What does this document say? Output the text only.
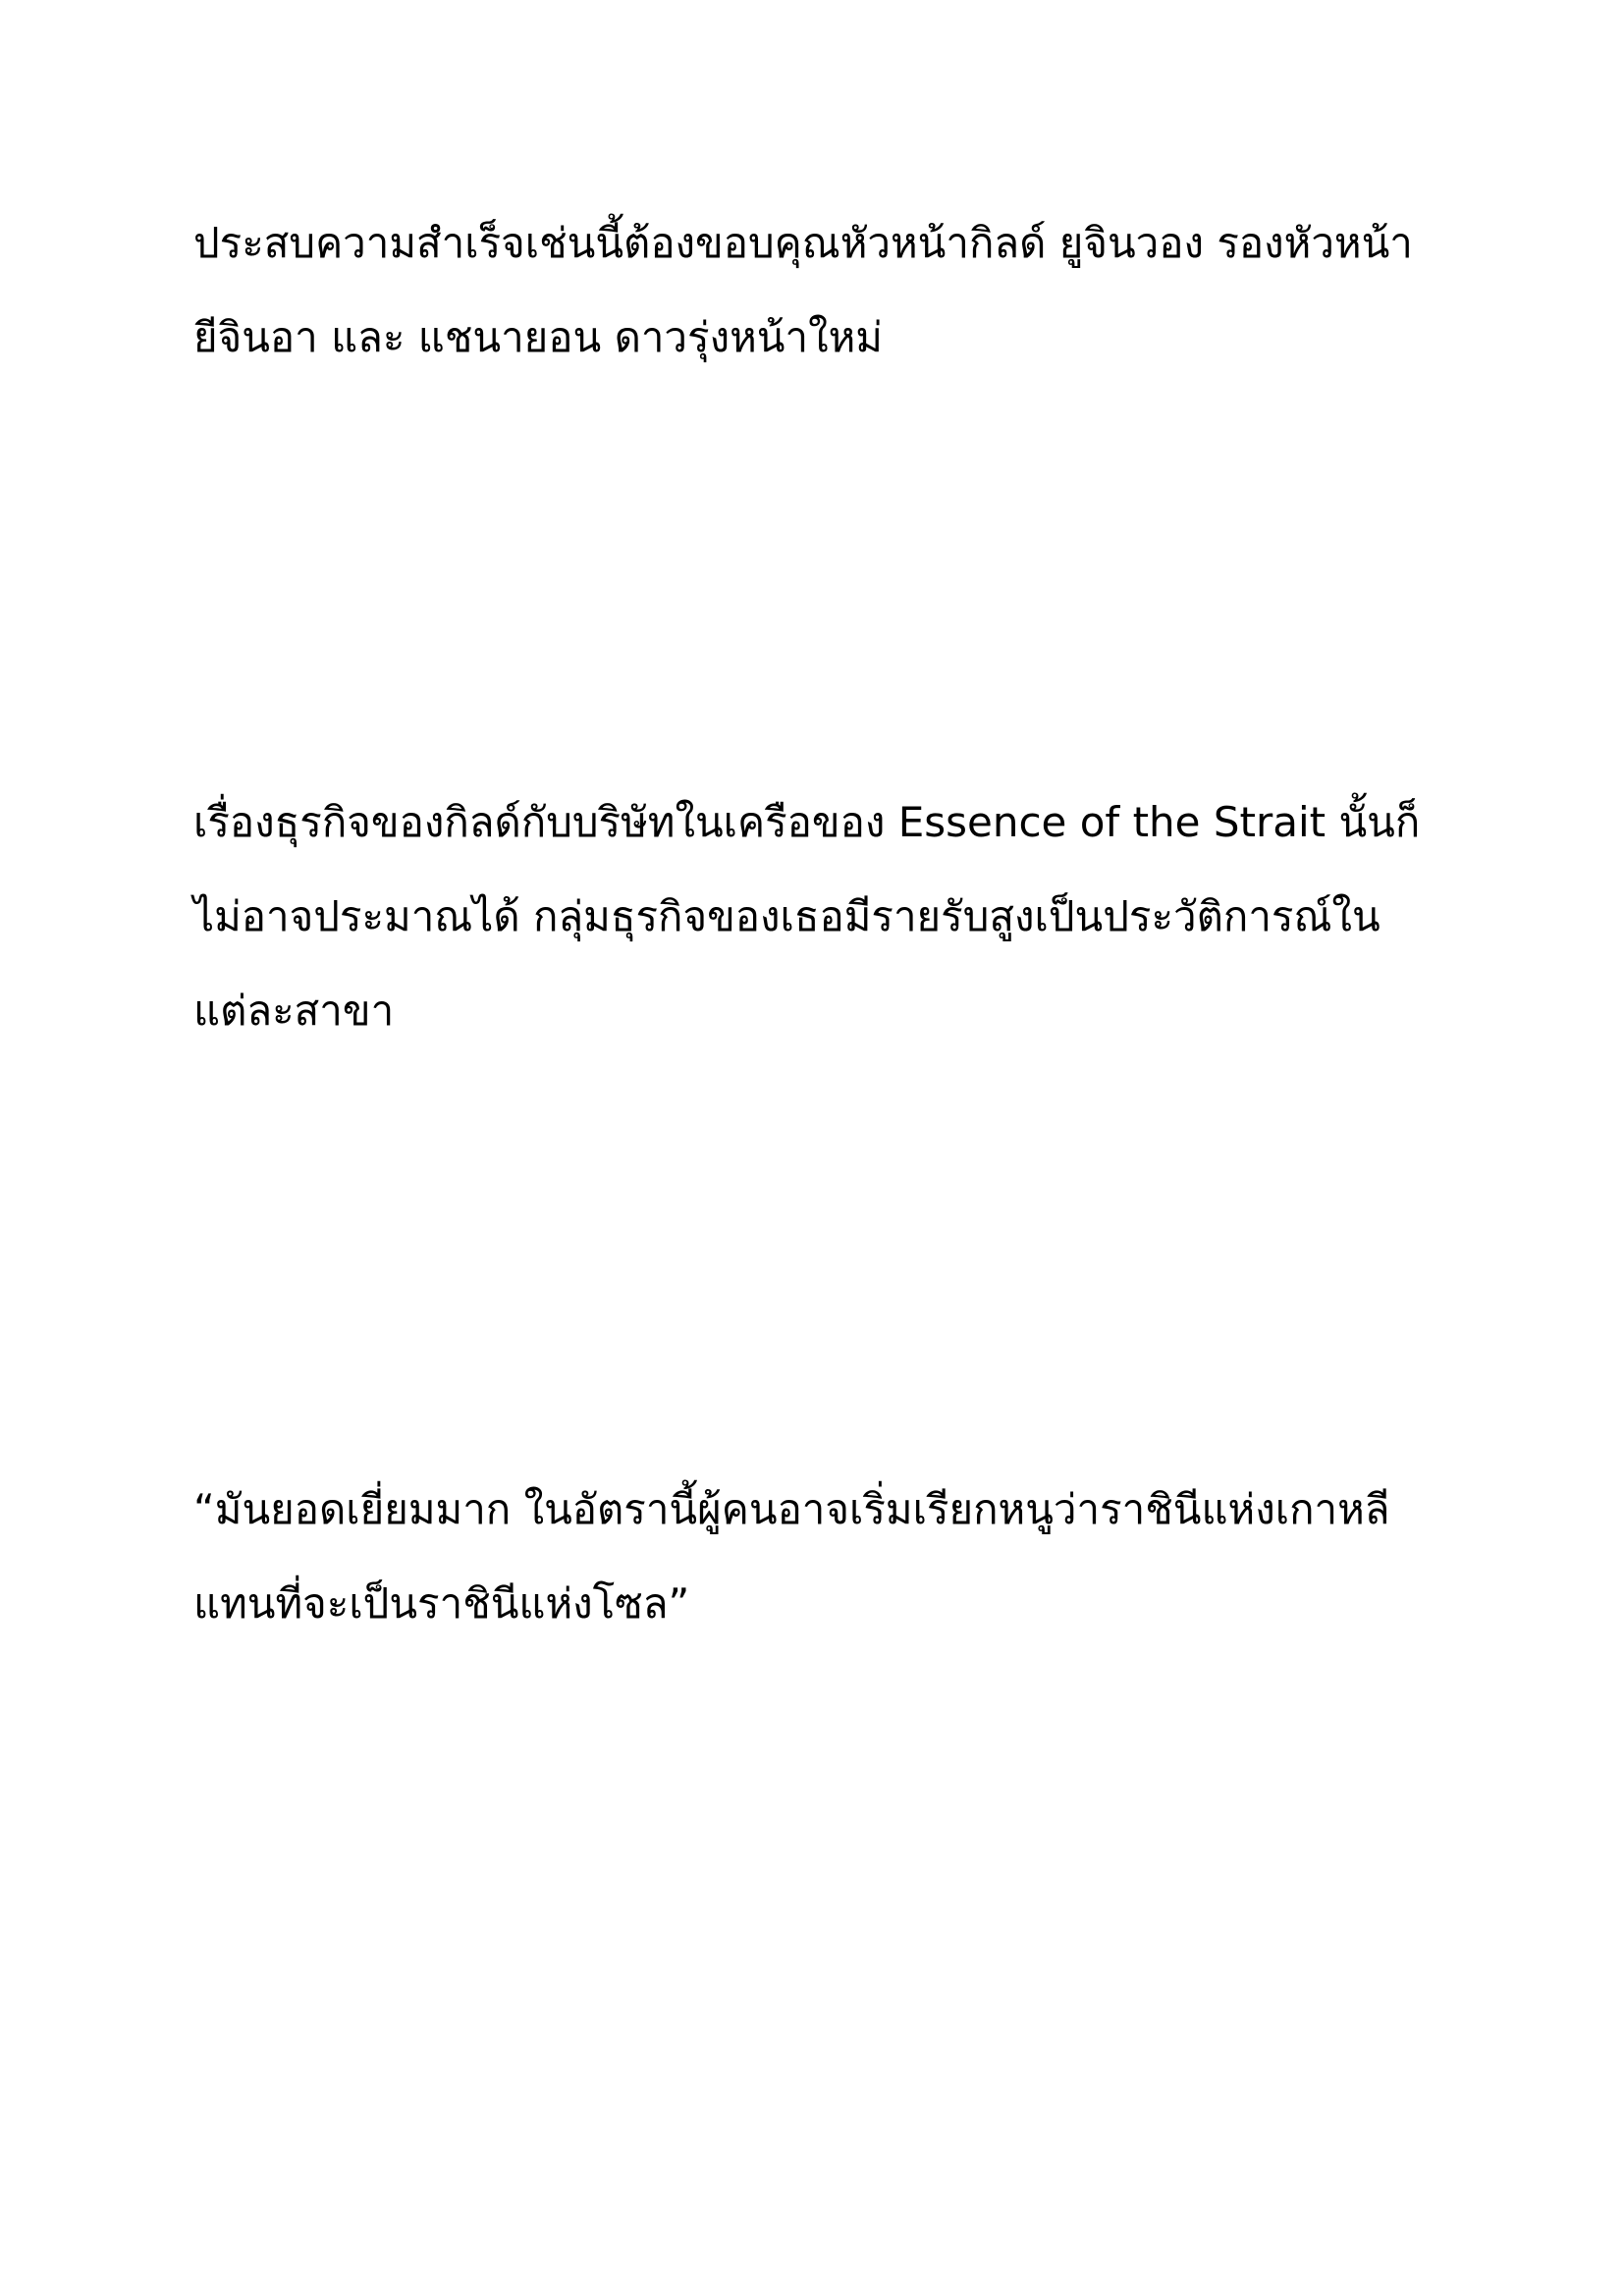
ประสบความสำเร็จเช่นนี้ต้องขอบคุณหัวหน้ากิลด์ ยูจินวอง รองหัวหน้า
ยีจินอา และ แชนายอน ดาวรุ่งหน้าใหม่

เรื่องธุรกิจของกิลด์กับบริษัทในเครือของ Essence of the Strait นั้นก็
ไม่อาจประมาณได้ กลุ่มธุรกิจของเธอมีรายรับสูงเป็นประวัติการณ์ใน
แต่ละสาขา

“มันยอดเยี่ยมมาก ในอัตรานี้ผู้คนอาจเริ่มเรียกหนูว่าราชินีแห่งเกาหลี
แทนที่จะเป็นราชินีแห่งโซล”
